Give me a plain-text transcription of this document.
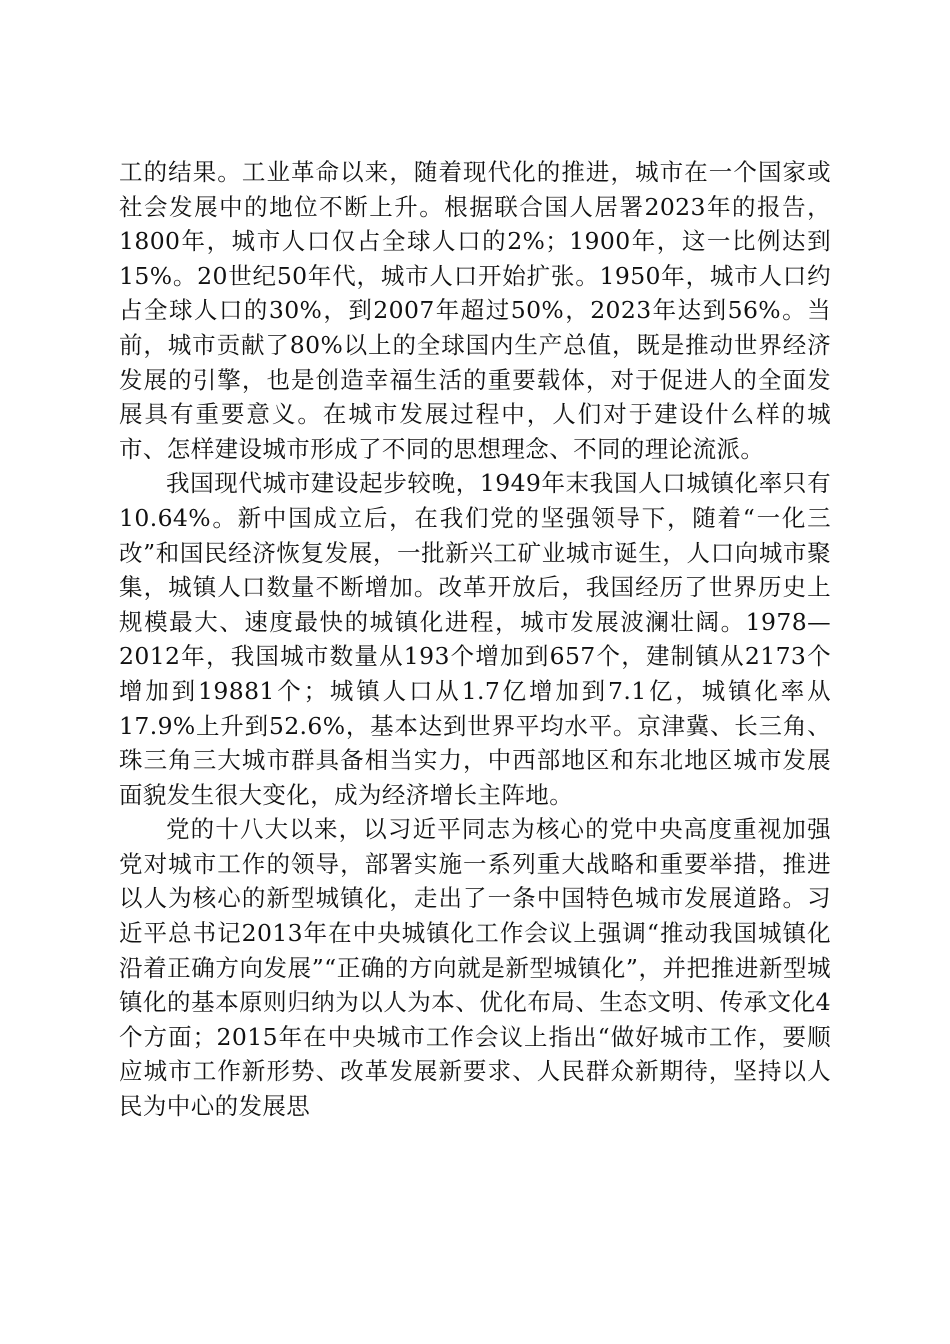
工的结果。工业革命以来，随着现代化的推进，城市在一个国家或社会发展中的地位不断上升。根据联合国人居署2023年的报告，1800年，城市人口仅占全球人口的2%；1900年，这一比例达到15%。20世纪50年代，城市人口开始扩张。1950年，城市人口约占全球人口的30%，到2007年超过50%，2023年达到56%。当前，城市贡献了80%以上的全球国内生产总值，既是推动世界经济发展的引擎，也是创造幸福生活的重要载体，对于促进人的全面发展具有重要意义。在城市发展过程中，人们对于建设什么样的城市、怎样建设城市形成了不同的思想理念、不同的理论流派。

我国现代城市建设起步较晚，1949年末我国人口城镇化率只有10.64%。新中国成立后，在我们党的坚强领导下，随着“一化三改”和国民经济恢复发展，一批新兴工矿业城市诞生，人口向城市聚集，城镇人口数量不断增加。改革开放后，我国经历了世界历史上规模最大、速度最快的城镇化进程，城市发展波澜壮阔。1978—2012年，我国城市数量从193个增加到657个，建制镇从2173个增加到19881个；城镇人口从1.7亿增加到7.1亿，城镇化率从17.9%上升到52.6%，基本达到世界平均水平。京津冀、长三角、珠三角三大城市群具备相当实力，中西部地区和东北地区城市发展面貌发生很大变化，成为经济增长主阵地。

党的十八大以来，以习近平同志为核心的党中央高度重视加强党对城市工作的领导，部署实施一系列重大战略和重要举措，推进以人为核心的新型城镇化，走出了一条中国特色城市发展道路。习近平总书记2013年在中央城镇化工作会议上强调“推动我国城镇化沿着正确方向发展”“正确的方向就是新型城镇化”，并把推进新型城镇化的基本原则归纳为以人为本、优化布局、生态文明、传承文化4个方面；2015年在中央城市工作会议上指出“做好城市工作，要顺应城市工作新形势、改革发展新要求、人民群众新期待，坚持以人民为中心的发展思
